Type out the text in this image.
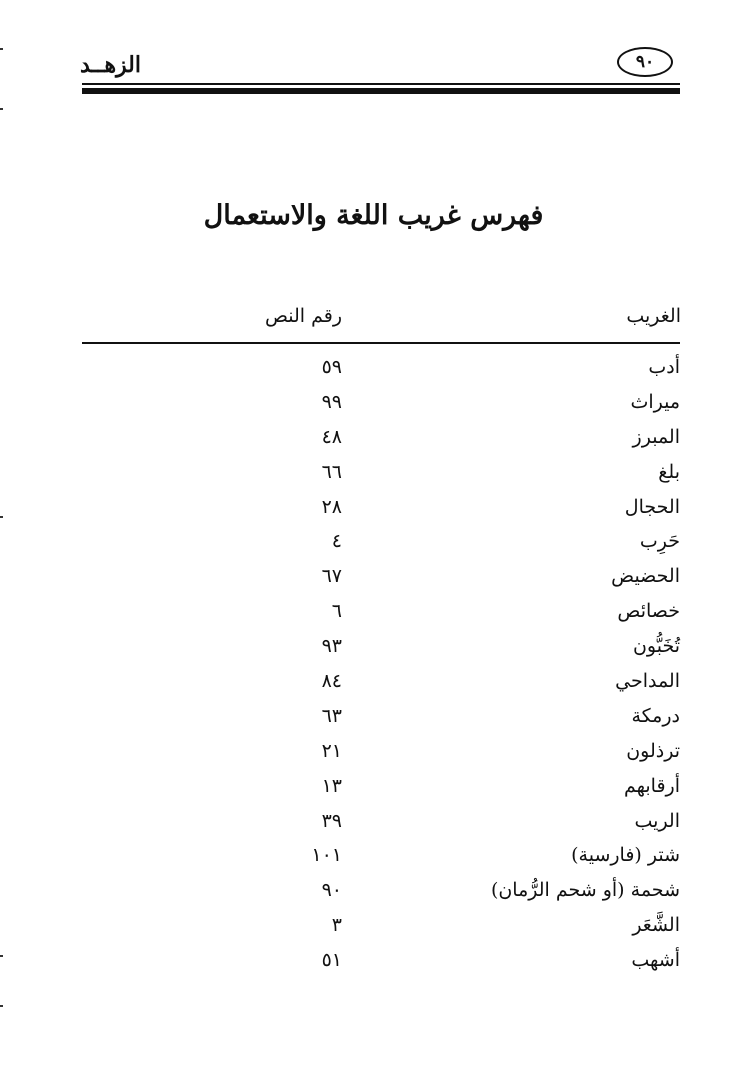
الزهــد	٩٠
فهرس غريب اللغة والاستعمال
الغريب
رقم النص
أدب
٥٩
ميراث
٩٩
المبرز
٤٨
بلغ
٦٦
الحجال
٢٨
حَرِب
٤
الحضيض
٦٧
خصائص
٦
تُخَبُّون
٩٣
المداحي
٨٤
درمكة
٦٣
ترذلون
٢١
أرقابهم
١٣
الريب
٣٩
شتر (فارسية)
١٠١
شحمة (أو شحم الرُّمان)
٩٠
الشَّعَر
٣
أشهب
٥١
